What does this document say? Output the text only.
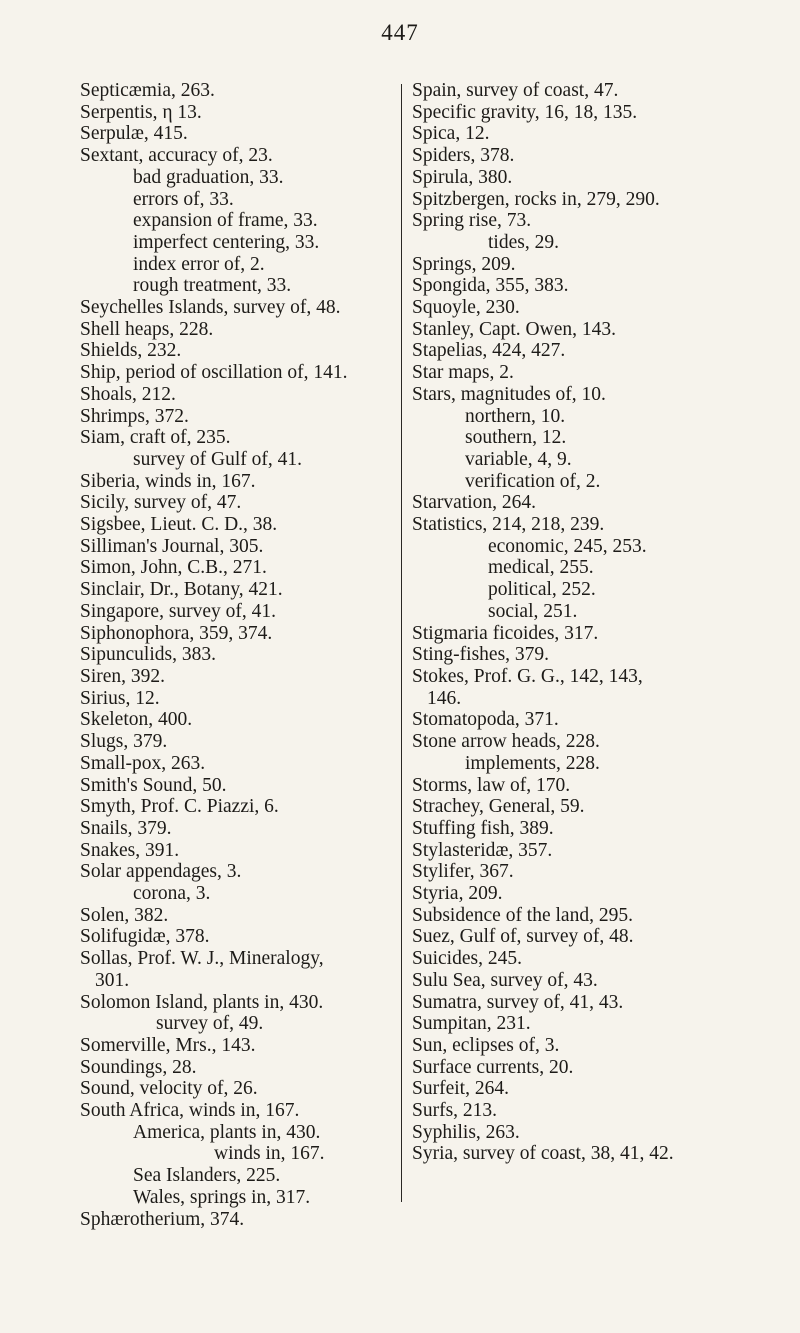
447
Septicæmia, 263.
Serpentis, η 13.
Serpulæ, 415.
Sextant, accuracy of, 23.
bad graduation, 33.
errors of, 33.
expansion of frame, 33.
imperfect centering, 33.
index error of, 2.
rough treatment, 33.
Seychelles Islands, survey of, 48.
Shell heaps, 228.
Shields, 232.
Ship, period of oscillation of, 141.
Shoals, 212.
Shrimps, 372.
Siam, craft of, 235.
survey of Gulf of, 41.
Siberia, winds in, 167.
Sicily, survey of, 47.
Sigsbee, Lieut. C. D., 38.
Silliman's Journal, 305.
Simon, John, C.B., 271.
Sinclair, Dr., Botany, 421.
Singapore, survey of, 41.
Siphonophora, 359, 374.
Sipunculids, 383.
Siren, 392.
Sirius, 12.
Skeleton, 400.
Slugs, 379.
Small-pox, 263.
Smith's Sound, 50.
Smyth, Prof. C. Piazzi, 6.
Snails, 379.
Snakes, 391.
Solar appendages, 3.
corona, 3.
Solen, 382.
Solifugidæ, 378.
Sollas, Prof. W. J., Mineralogy,
301.
Solomon Island, plants in, 430.
survey of, 49.
Somerville, Mrs., 143.
Soundings, 28.
Sound, velocity of, 26.
South Africa, winds in, 167.
America, plants in, 430.
winds in, 167.
Sea Islanders, 225.
Wales, springs in, 317.
Sphærotherium, 374.
Spain, survey of coast, 47.
Specific gravity, 16, 18, 135.
Spica, 12.
Spiders, 378.
Spirula, 380.
Spitzbergen, rocks in, 279, 290.
Spring rise, 73.
tides, 29.
Springs, 209.
Spongida, 355, 383.
Squoyle, 230.
Stanley, Capt. Owen, 143.
Stapelias, 424, 427.
Star maps, 2.
Stars, magnitudes of, 10.
northern, 10.
southern, 12.
variable, 4, 9.
verification of, 2.
Starvation, 264.
Statistics, 214, 218, 239.
economic, 245, 253.
medical, 255.
political, 252.
social, 251.
Stigmaria ficoides, 317.
Sting-fishes, 379.
Stokes, Prof. G. G., 142, 143,
146.
Stomatopoda, 371.
Stone arrow heads, 228.
implements, 228.
Storms, law of, 170.
Strachey, General, 59.
Stuffing fish, 389.
Stylasteridæ, 357.
Stylifer, 367.
Styria, 209.
Subsidence of the land, 295.
Suez, Gulf of, survey of, 48.
Suicides, 245.
Sulu Sea, survey of, 43.
Sumatra, survey of, 41, 43.
Sumpitan, 231.
Sun, eclipses of, 3.
Surface currents, 20.
Surfeit, 264.
Surfs, 213.
Syphilis, 263.
Syria, survey of coast, 38, 41, 42.
